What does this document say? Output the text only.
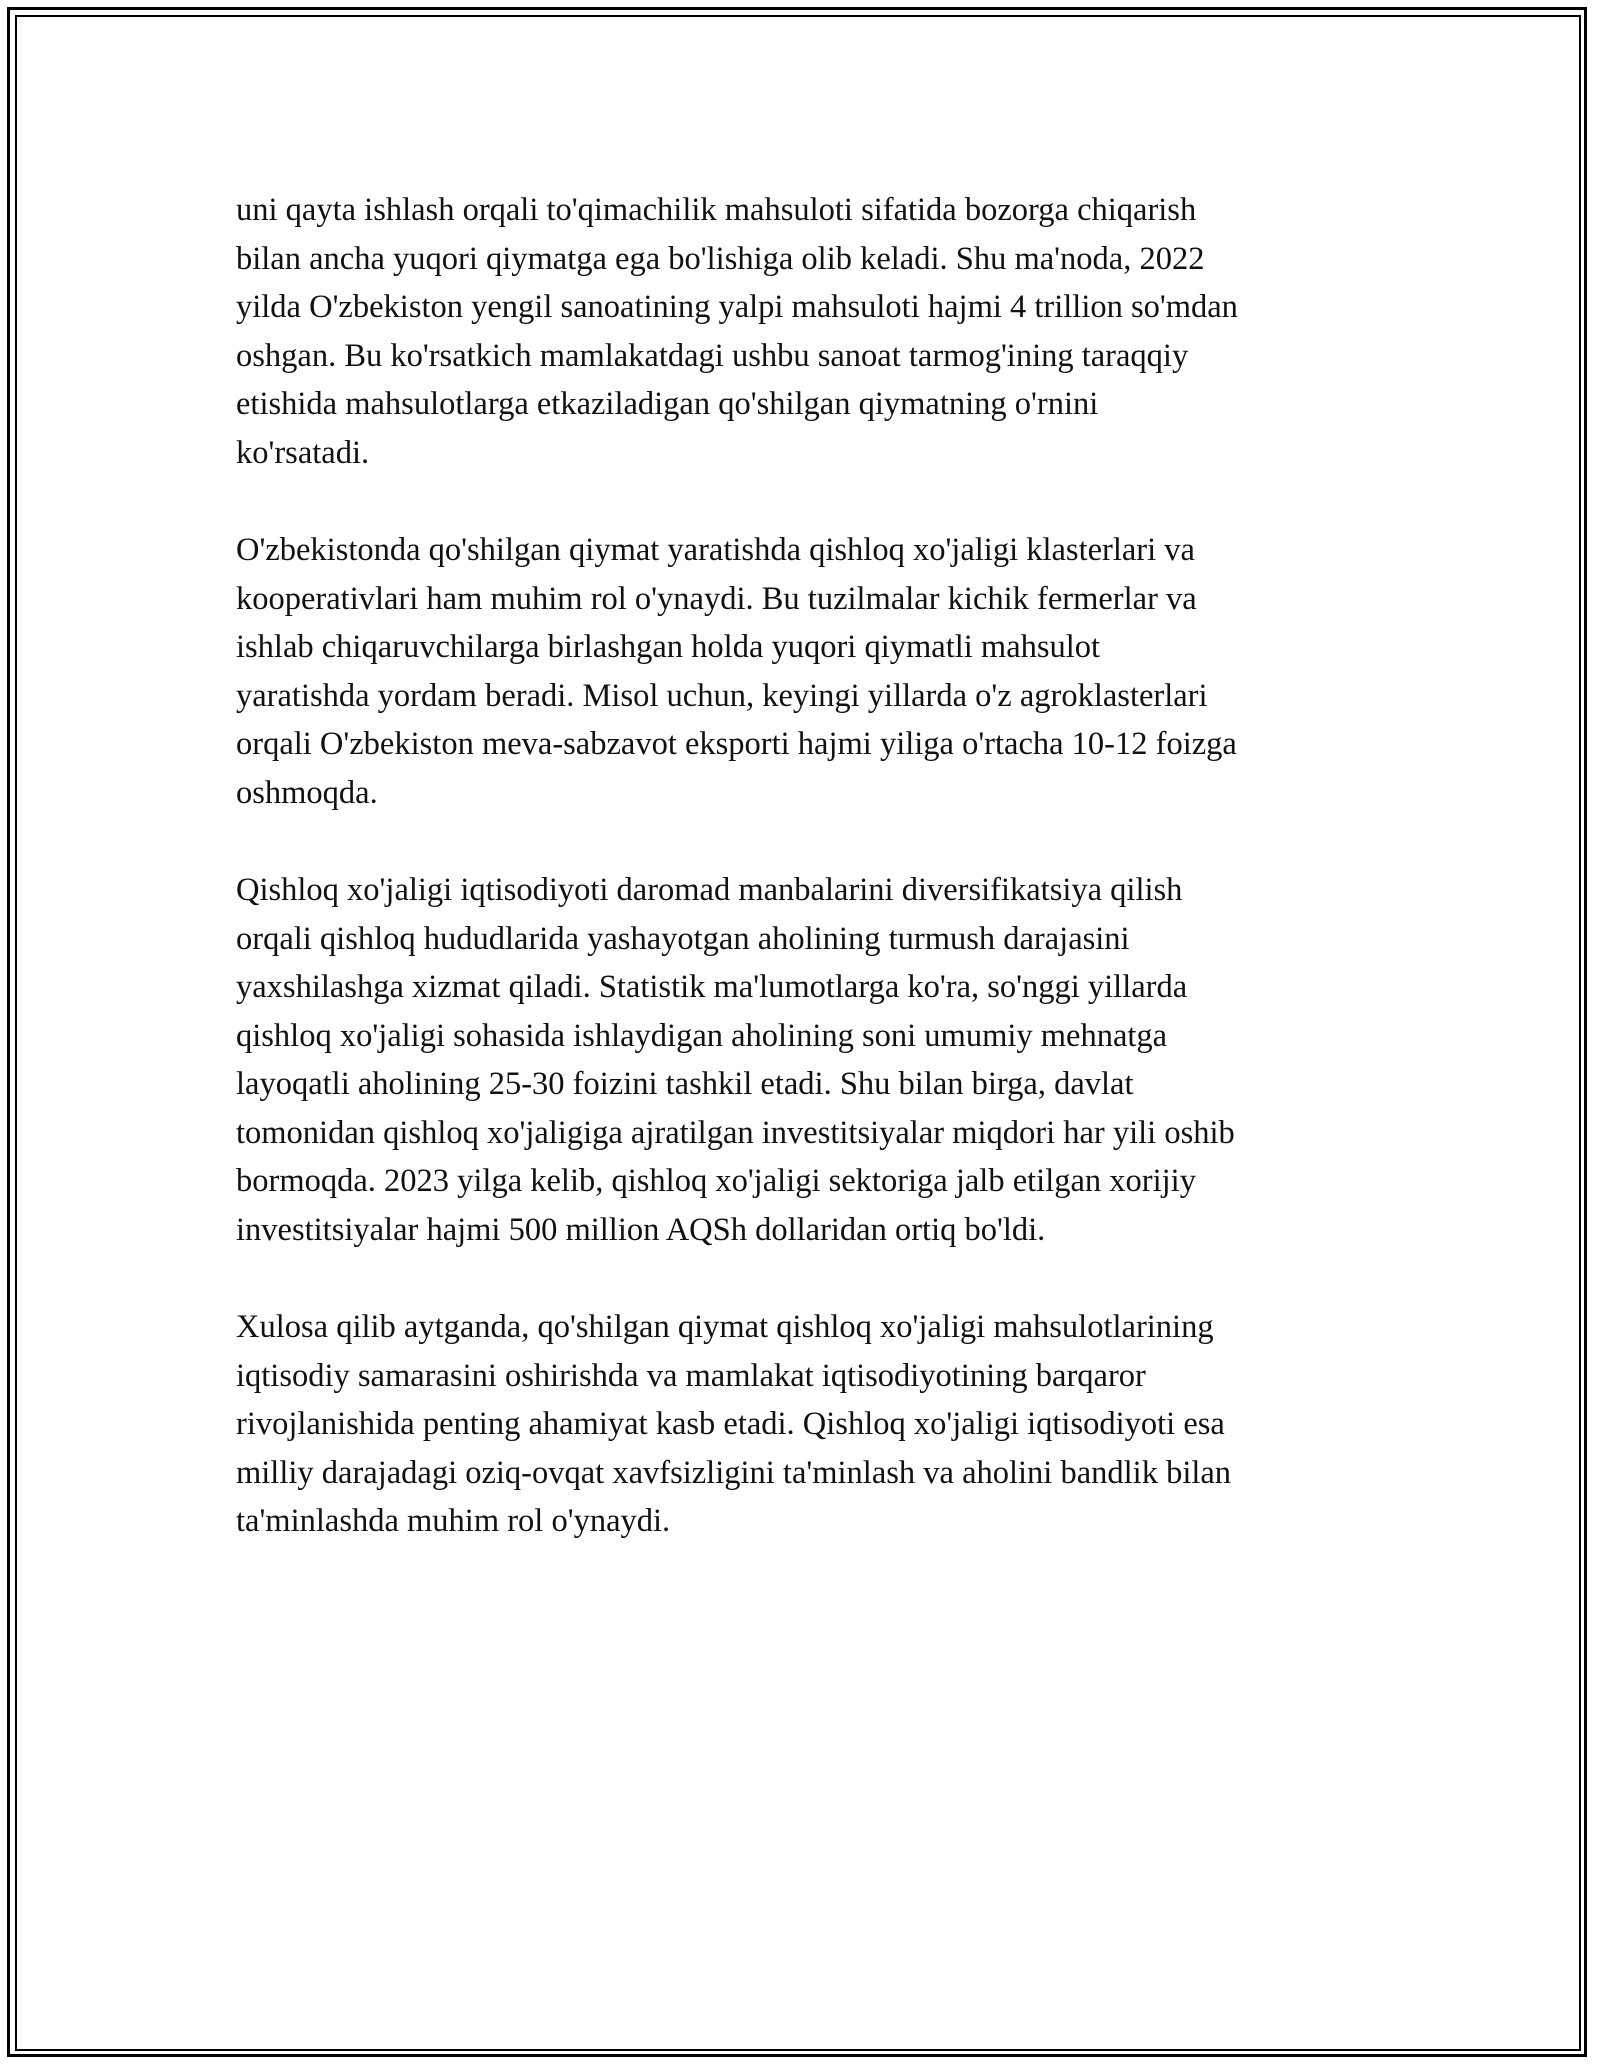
uni qayta ishlash orqali to'qimachilik mahsuloti sifatida bozorga chiqarish
bilan ancha yuqori qiymatga ega bo'lishiga olib keladi. Shu ma'noda, 2022
yilda O'zbekiston yengil sanoatining yalpi mahsuloti hajmi 4 trillion so'mdan
oshgan. Bu ko'rsatkich mamlakatdagi ushbu sanoat tarmog'ining taraqqiy
etishida mahsulotlarga etkaziladigan qo'shilgan qiymatning o'rnini
ko'rsatadi.

O'zbekistonda qo'shilgan qiymat yaratishda qishloq xo'jaligi klasterlari va
kooperativlari ham muhim rol o'ynaydi. Bu tuzilmalar kichik fermerlar va
ishlab chiqaruvchilarga birlashgan holda yuqori qiymatli mahsulot
yaratishda yordam beradi. Misol uchun, keyingi yillarda o'z agroklasterlari
orqali O'zbekiston meva-sabzavot eksporti hajmi yiliga o'rtacha 10-12 foizga
oshmoqda.

Qishloq xo'jaligi iqtisodiyoti daromad manbalarini diversifikatsiya qilish
orqali qishloq hududlarida yashayotgan aholining turmush darajasini
yaxshilashga xizmat qiladi. Statistik ma'lumotlarga ko'ra, so'nggi yillarda
qishloq xo'jaligi sohasida ishlaydigan aholining soni umumiy mehnatga
layoqatli aholining 25-30 foizini tashkil etadi. Shu bilan birga, davlat
tomonidan qishloq xo'jaligiga ajratilgan investitsiyalar miqdori har yili oshib
bormoqda. 2023 yilga kelib, qishloq xo'jaligi sektoriga jalb etilgan xorijiy
investitsiyalar hajmi 500 million AQSh dollaridan ortiq bo'ldi.

Xulosa qilib aytganda, qo'shilgan qiymat qishloq xo'jaligi mahsulotlarining
iqtisodiy samarasini oshirishda va mamlakat iqtisodiyotining barqaror
rivojlanishida penting ahamiyat kasb etadi. Qishloq xo'jaligi iqtisodiyoti esa
milliy darajadagi oziq-ovqat xavfsizligini ta'minlash va aholini bandlik bilan
ta'minlashda muhim rol o'ynaydi.
